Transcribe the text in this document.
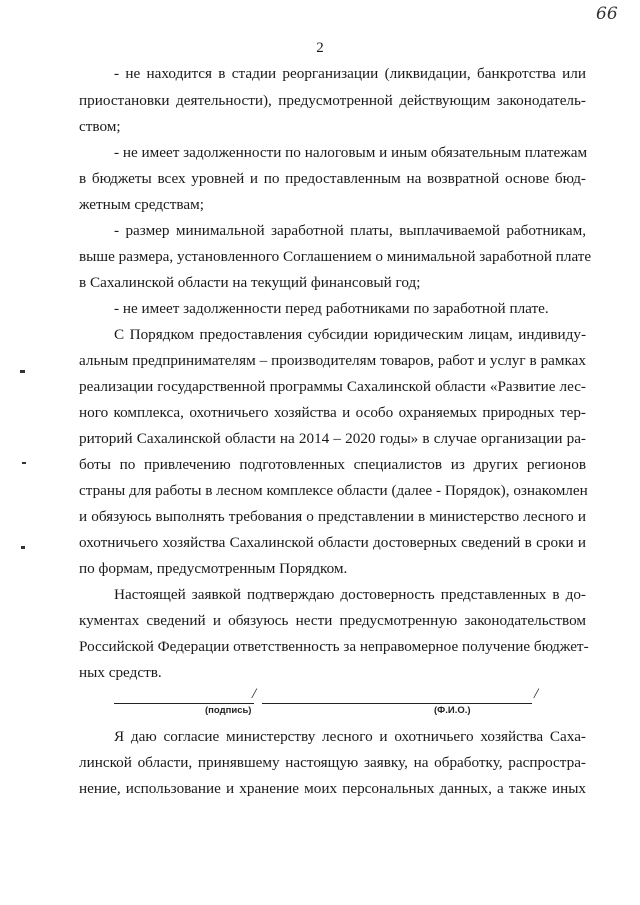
66
2
- не находится в стадии реорганизации (ликвидации, банкротства или
приостановки деятельности), предусмотренной действующим законодатель-
ством;
- не имеет задолженности по налоговым и иным обязательным платежам
в бюджеты всех уровней и по предоставленным на возвратной основе бюд-
жетным средствам;
- размер минимальной заработной платы, выплачиваемой работникам,
выше размера, установленного Соглашением о минимальной заработной плате
в Сахалинской области на текущий финансовый год;
- не имеет задолженности перед работниками по заработной плате.
С Порядком предоставления субсидии юридическим лицам, индивиду-
альным предпринимателям – производителям товаров, работ и услуг в рамках
реализации государственной программы Сахалинской области «Развитие лес-
ного комплекса, охотничьего хозяйства и особо охраняемых природных тер-
риторий Сахалинской области на 2014 – 2020 годы» в случае организации ра-
боты по привлечению подготовленных специалистов из других регионов
страны для работы в лесном комплексе области (далее - Порядок), ознакомлен
и обязуюсь выполнять требования о представлении в министерство лесного и
охотничьего хозяйства Сахалинской области достоверных сведений в сроки и
по формам, предусмотренным Порядком.
Настоящей заявкой подтверждаю достоверность представленных в до-
кументах сведений и обязуюсь нести предусмотренную законодательством
Российской Федерации ответственность за неправомерное получение бюджет-
ных средств.
/	/
(подпись)	(Ф.И.О.)
Я даю согласие министерству лесного и охотничьего хозяйства Саха-
линской области, принявшему настоящую заявку, на обработку, распростра-
нение, использование и хранение моих персональных данных, а также иных
